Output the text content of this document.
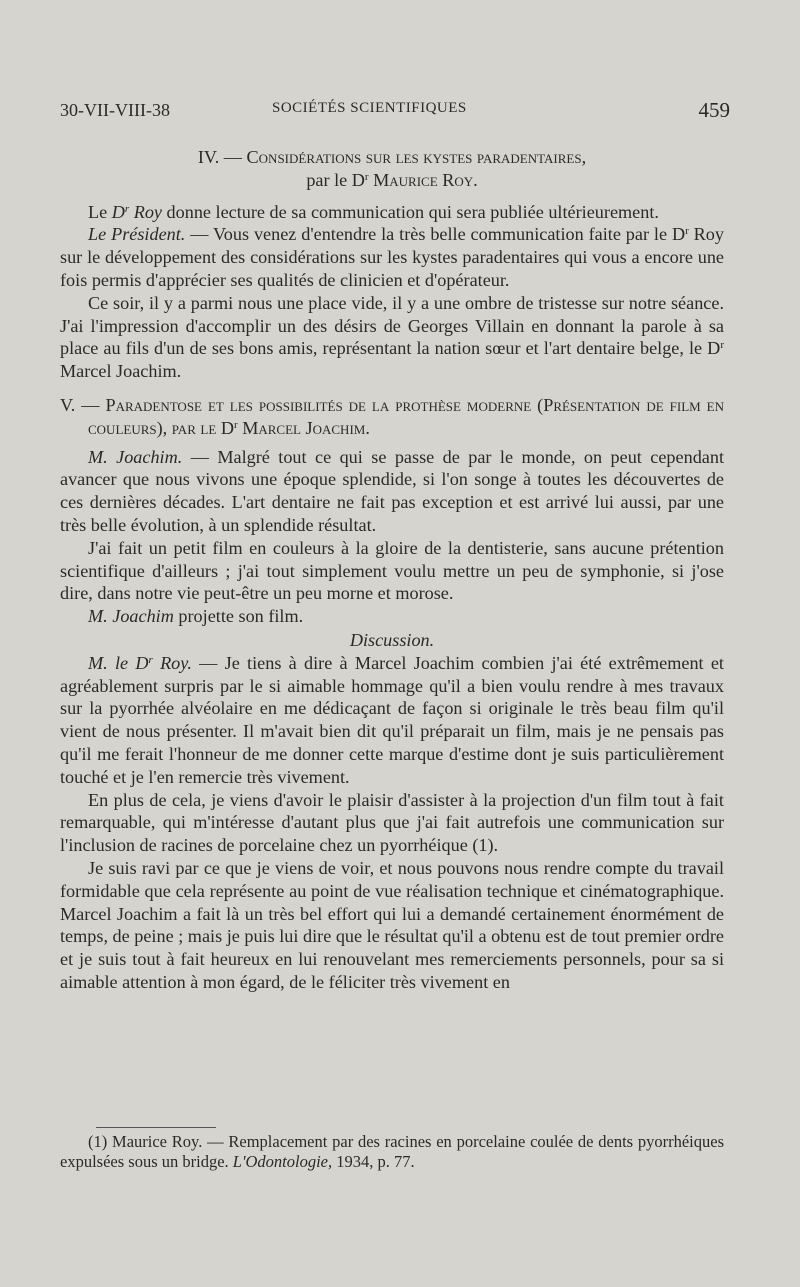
30-VII-VIII-38	SOCIÉTÉS SCIENTIFIQUES	459

IV. — Considérations sur les kystes paradentaires,

par le $D^r$ Maurice Roy.

Le $D^r$ Roy donne lecture de sa communication qui sera publiée ultérieurement.

Le Président. — Vous venez d'entendre la très belle communication faite par le $D^r$ Roy sur le développement des considérations sur les kystes paradentaires qui vous a encore une fois permis d'apprécier ses qualités de clinicien et d'opérateur.

Ce soir, il y a parmi nous une place vide, il y a une ombre de tristesse sur notre séance. J'ai l'impression d'accomplir un des désirs de Georges Villain en donnant la parole à sa place au fils d'un de ses bons amis, représentant la nation sœur et l'art dentaire belge, le $D^r$ Marcel Joachim.

V. — Paradentose et les possibilités de la prothèse moderne (Présentation de film en couleurs), par le $D^r$ Marcel Joachim.

M. Joachim. — Malgré tout ce qui se passe de par le monde, on peut cependant avancer que nous vivons une époque splendide, si l'on songe à toutes les découvertes de ces dernières décades. L'art dentaire ne fait pas exception et est arrivé lui aussi, par une très belle évolution, à un splendide résultat.

J'ai fait un petit film en couleurs à la gloire de la dentisterie, sans aucune prétention scientifique d'ailleurs ; j'ai tout simplement voulu mettre un peu de symphonie, si j'ose dire, dans notre vie peut-être un peu morne et morose.

M. Joachim projette son film.

Discussion.

M. le $D^r$ Roy. — Je tiens à dire à Marcel Joachim combien j'ai été extrêmement et agréablement surpris par le si aimable hommage qu'il a bien voulu rendre à mes travaux sur la pyorrhée alvéolaire en me dédicaçant de façon si originale le très beau film qu'il vient de nous présenter. Il m'avait bien dit qu'il préparait un film, mais je ne pensais pas qu'il me ferait l'honneur de me donner cette marque d'estime dont je suis particulièrement touché et je l'en remercie très vivement.

En plus de cela, je viens d'avoir le plaisir d'assister à la projection d'un film tout à fait remarquable, qui m'intéresse d'autant plus que j'ai fait autrefois une communication sur l'inclusion de racines de porcelaine chez un pyorrhéique (1).

Je suis ravi par ce que je viens de voir, et nous pouvons nous rendre compte du travail formidable que cela représente au point de vue réalisation technique et cinématographique. Marcel Joachim a fait là un très bel effort qui lui a demandé certainement énormément de temps, de peine ; mais je puis lui dire que le résultat qu'il a obtenu est de tout premier ordre et je suis tout à fait heureux en lui renouvelant mes remerciements personnels, pour sa si aimable attention à mon égard, de le féliciter très vivement en

(1) Maurice Roy. — Remplacement par des racines en porcelaine coulée de dents pyorrhéiques expulsées sous un bridge. L'Odontologie, 1934, p. 77.
